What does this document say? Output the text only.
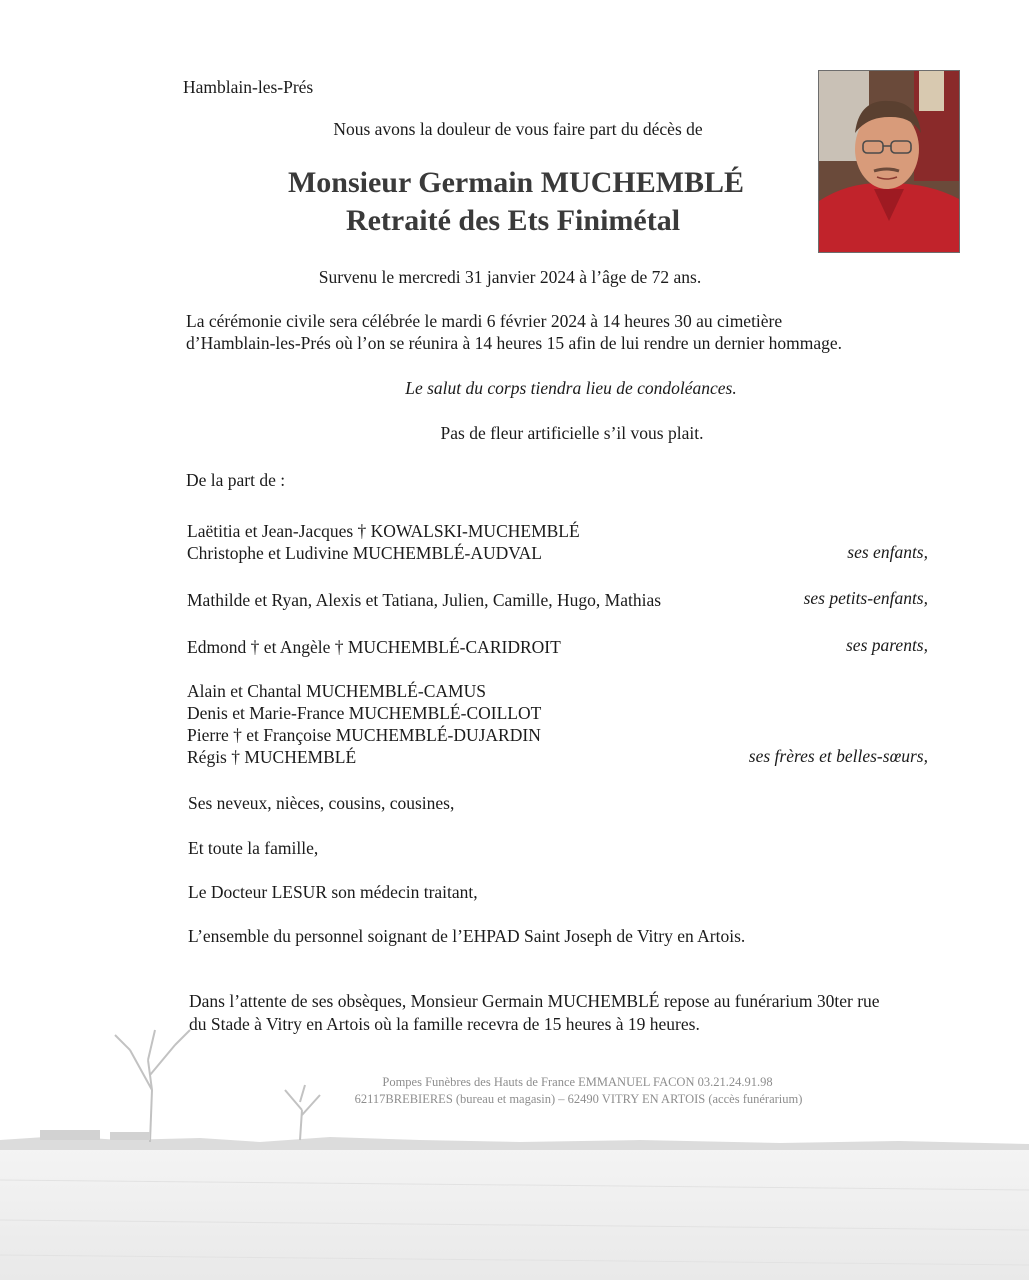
Hamblain-les-Prés
Nous avons la douleur de vous faire part du décès de
Monsieur Germain MUCHEMBLÉ
Retraité des Ets Finimétal
Survenu le mercredi 31 janvier 2024 à l’âge de 72 ans.
La cérémonie civile sera célébrée le mardi 6 février 2024 à 14 heures 30 au cimetière
d’Hamblain-les-Prés où l’on se réunira à 14 heures 15 afin de lui rendre un dernier hommage.
Le salut du corps tiendra lieu de condoléances.
Pas de fleur artificielle s’il vous plait.
De la part de :
Laëtitia et Jean-Jacques † KOWALSKI-MUCHEMBLÉ
Christophe et Ludivine MUCHEMBLÉ-AUDVAL	ses enfants,
Mathilde et Ryan, Alexis et Tatiana, Julien, Camille, Hugo, Mathias	ses petits-enfants,
Edmond † et Angèle † MUCHEMBLÉ-CARIDROIT	ses parents,
Alain et Chantal MUCHEMBLÉ-CAMUS
Denis et Marie-France MUCHEMBLÉ-COILLOT
Pierre † et Françoise MUCHEMBLÉ-DUJARDIN
Régis † MUCHEMBLÉ	ses frères et belles-sœurs,
Ses neveux, nièces, cousins, cousines,
Et toute la famille,
Le Docteur LESUR son médecin traitant,
L’ensemble du personnel soignant de l’EHPAD Saint Joseph de Vitry en Artois.
Dans l’attente de ses obsèques, Monsieur Germain MUCHEMBLÉ repose au funérarium 30ter rue
du Stade à Vitry en Artois où la famille recevra de 15 heures à 19 heures.
Pompes Funèbres des Hauts de France EMMANUEL FACON 03.21.24.91.98
62117BREBIERES (bureau et magasin) – 62490 VITRY EN ARTOIS (accès funérarium)
